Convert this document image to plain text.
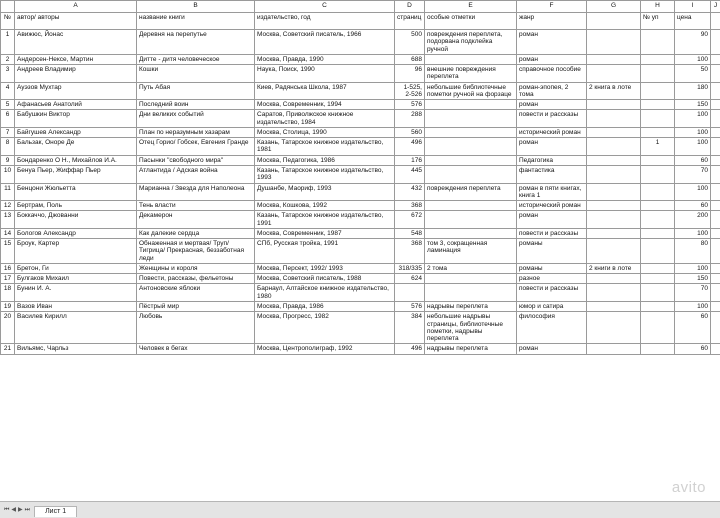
	A	B	C	D	E	F	G	H	I	J
№	автор/ авторы	название книги	издательство, год	страниц	особые отметки	жанр		№ уп	цена	
1	Авижюс, Йонас	Деревня на перепутье	Москва, Советский писатель, 1966	500	повреждения переплета, подорвана подклейка ручной	роман			90	
2	Андерсен-Нексе, Мартин	Дитте - дитя человеческое	Москва, Правда, 1990	688		роман			100	
3	Андреев Владимир	Кошки	Наука, Поиск, 1990	96	внешние повреждения переплета	справочное пособие			50	
4	Ауэзов Мухтар	Путь Абая	Киев, Радянська Школа, 1987	1-525, 2-526	небольшие библиотечные пометки ручной на форзаце	роман-эпопея, 2 тома	2 книга в лоте		180	
5	Афанасьев Анатолий	Последний воин	Москва, Современник, 1994	576		роман			150	
6	Бабушкин Виктор	Дни великих событий	Саратов, Приволжское книжное издательство, 1984	288		повести и рассказы			100	
7	Байгушев Александр	План по неразумным хазарам	Москва, Столица, 1990	560		исторический роман			100	
8	Бальзак, Оноре Де	Отец Горио/ Гобсек, Евгения Гранде	Казань, Татарское книжное издательство, 1981	496		роман		1	100	
9	Бондаренко О Н., Михайлов И.А.	Пасынки "свободного мира"	Москва, Педагогика, 1986	176		Педагогика			60	
10	Бенуа Пьер, Жиффар Пьер	Атлантида / Адская война	Казань, Татарское книжное издательство, 1993	445		фантастика			70	
11	Бенцони Жюльетта	Марианна / Звезда для Наполеона	Душанбе, Маориф, 1993	432	повреждения переплета	роман в пяти книгах, книга 1			100	
12	Бертрам, Поль	Тень власти	Москва, Кошкова, 1992	368		исторический роман			60	
13	Боккаччо, Джованни	Декамерон	Казань, Татарское книжное издательство, 1991	672		роман			200	
14	Бологов Александр	Как далекие сердца	Москва, Современник, 1987	548		повести и рассказы			100	
15	Броук, Картер	Обнаженная и мертвая/ Труп/ Тигрица/ Прекрасная, беззаботная леди	СПб, Русская тройка, 1991	368	том 3, сокращенная ламинация	романы			80	
16	Бретон, Ги	Женщины и короля	Москва, Персект, 1992/ 1993	318/335	2 тома	романы	2 книги в лоте		100	
17	Булгаков Михаил	Повести, рассказы, фельетоны	Москва, Советский писатель, 1988	624		разное			150	
18	Бунин И. А.	Антоновские яблоки	Барнаул, Алтайское книжное издательство, 1980			повести и рассказы			70	
19	Вазов Иван	Пёстрый мир	Москва, Правда, 1986	576	надрывы переплета	юмор и сатира			100	
20	Василев Кирилл	Любовь	Москва, Прогресс, 1982	384	небольшие надрывы страницы, библиотечные пометки, надрывы переплета	философия			60	
21	Вильямс, Чарльз	Человек в бегах	Москва, Центрополиграф, 1992	496	надрывы переплета	роман			60	
avito
⏮ ◀ ▶ ⏭	Лист 1
